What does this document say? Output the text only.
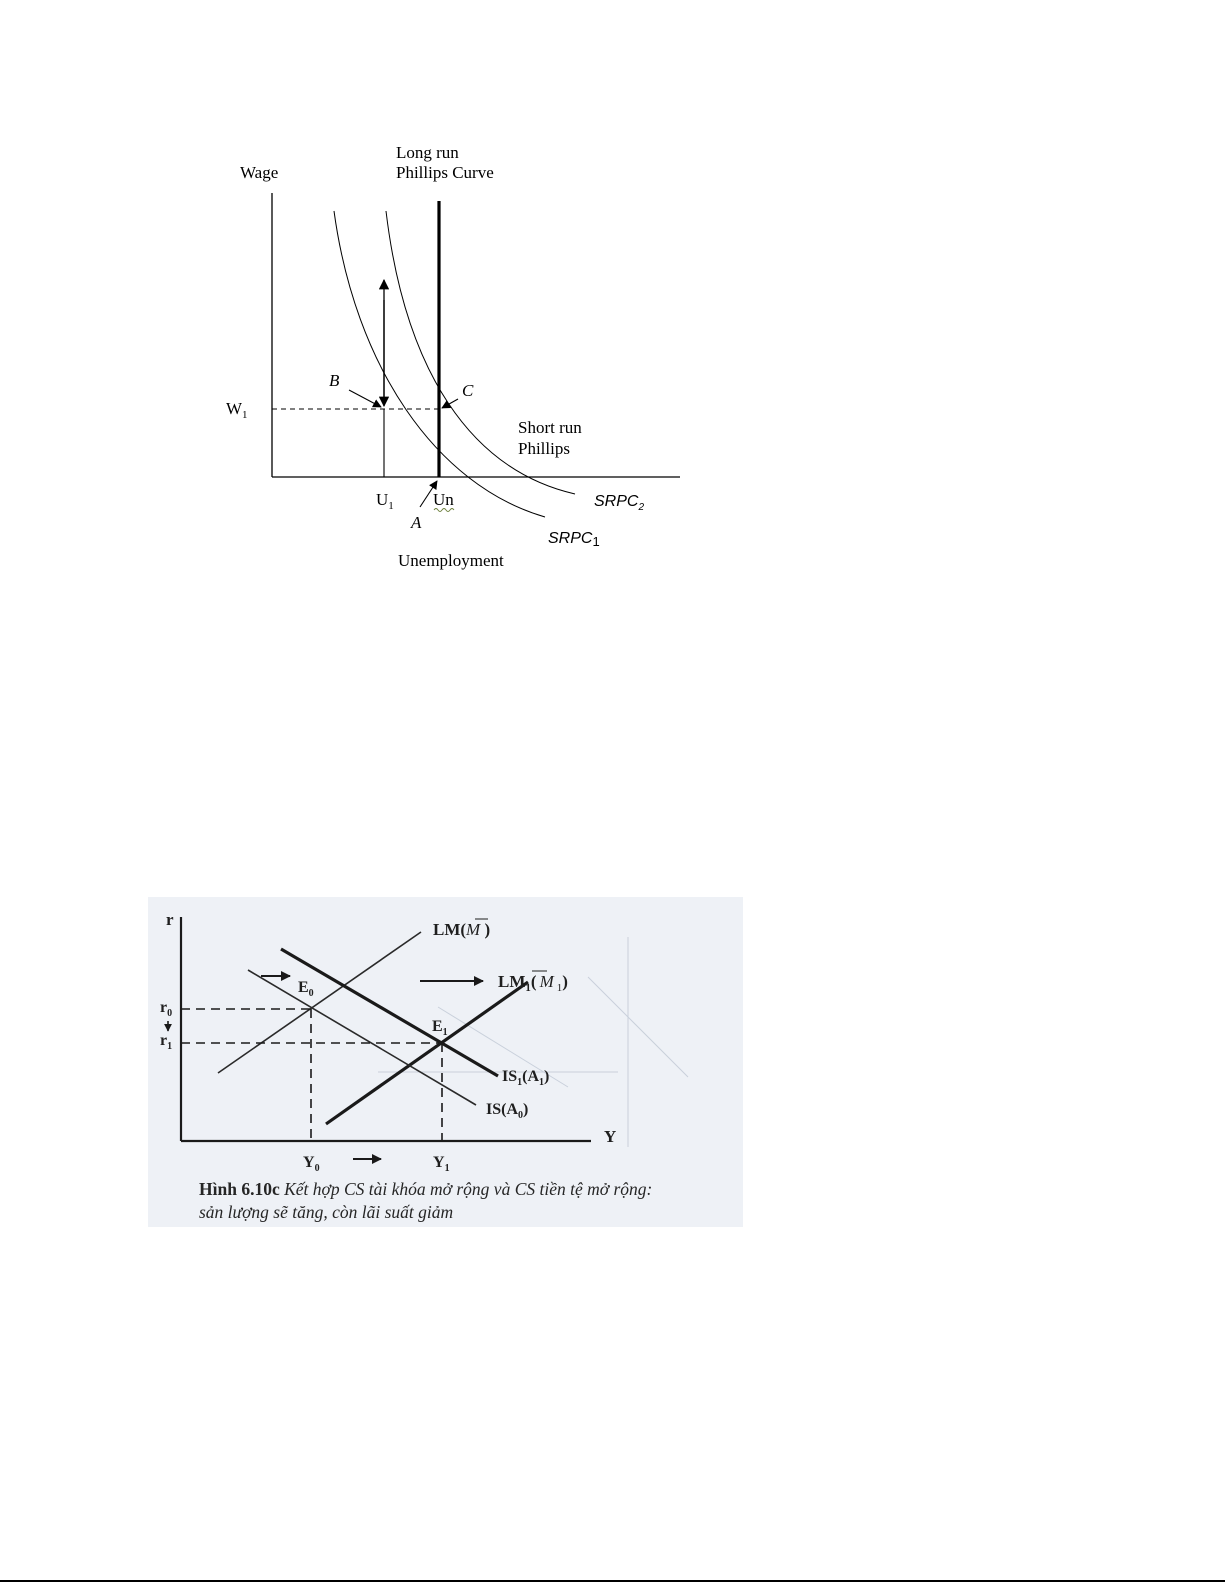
Wage
Long run
Phillips Curve
$W_1$
B
C
Short run
Phillips
$U_1$ Un
A
$SRPC_2$
SRPC1
Unemployment
r
Y
LM(M )
$LM_1$( M $_1$)
$E_0$
$E_1$
$r_0$
$r_1$
$IS_1(A_1)$
$IS(A_0)$
$Y_0$	$Y_1$
Hình 6.10c Kết hợp CS tài khóa mở rộng và CS tiền tệ mở rộng:
sản lượng sẽ tăng, còn lãi suất giảm
